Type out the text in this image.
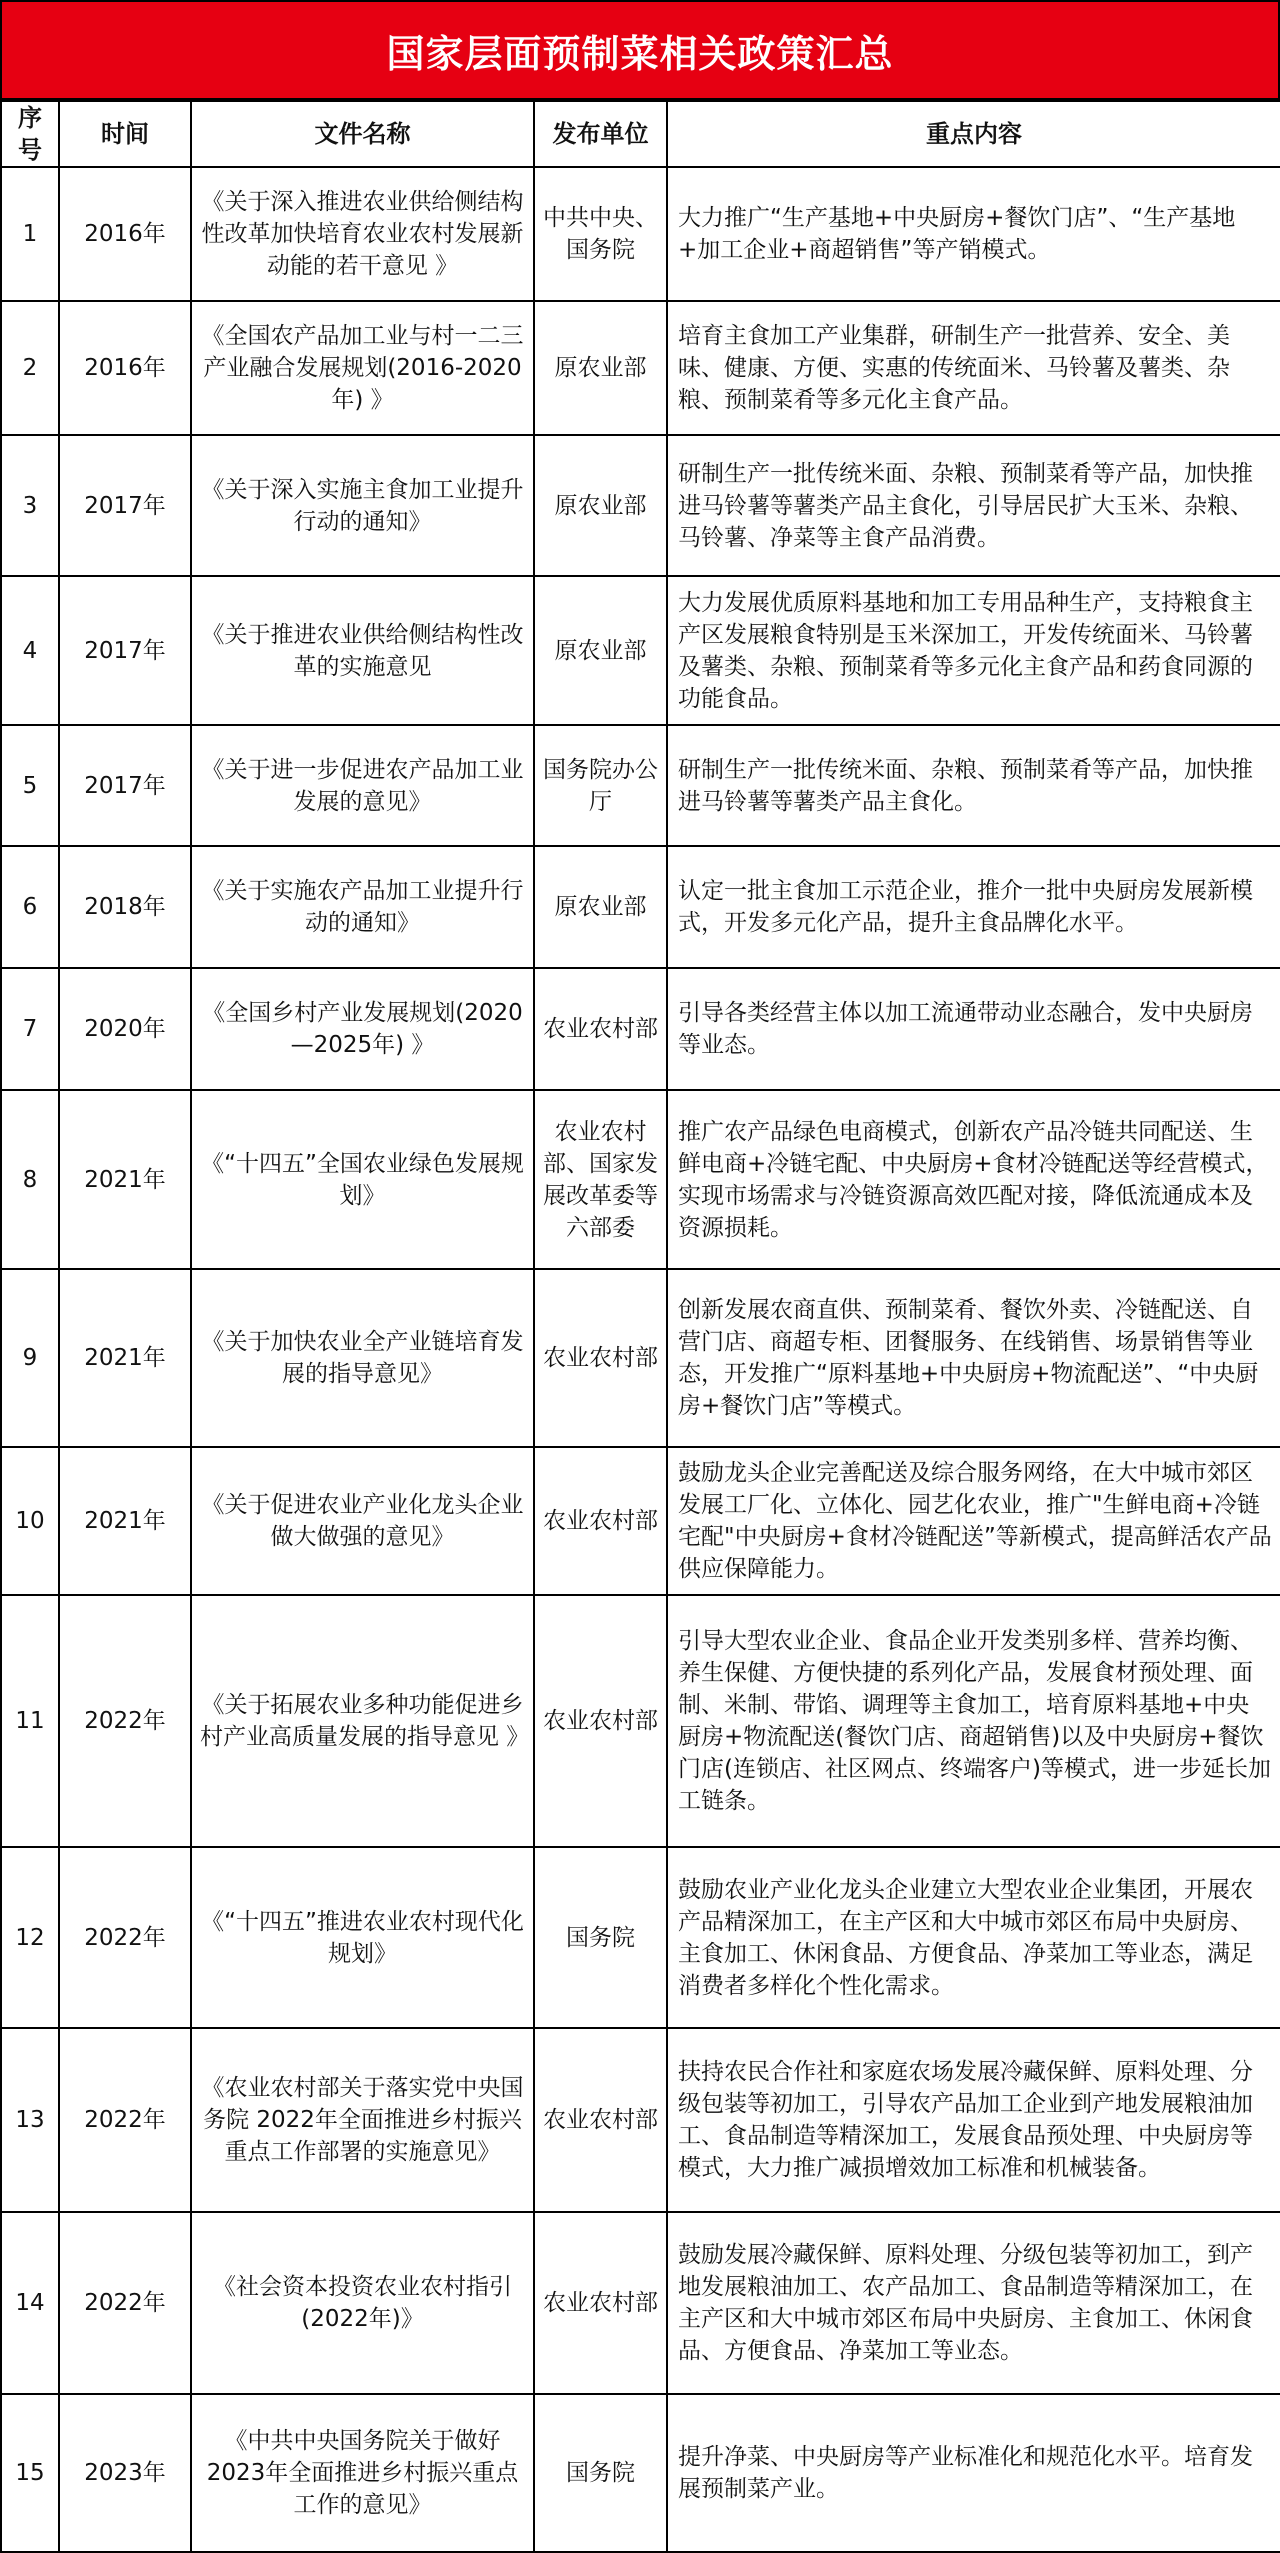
国家层面预制菜相关政策汇总
序号	时间	文件名称	发布单位	重点内容
1	2016年	《关于深入推进农业供给侧结构性改革加快培育农业农村发展新动能的若干意见 》	中共中央、国务院	大力推广“生产基地+中央厨房+餐饮门店”、“生产基地+加工企业+商超销售”等产销模式。
2	2016年	《全国农产品加工业与村一二三产业融合发展规划(2016-2020年) 》	原农业部	培育主食加工产业集群，研制生产一批营养、安全、美味、健康、方便、实惠的传统面米、马铃薯及薯类、杂粮、预制菜肴等多元化主食产品。
3	2017年	《关于深入实施主食加工业提升行动的通知》	原农业部	研制生产一批传统米面、杂粮、预制菜肴等产品，加快推进马铃薯等薯类产品主食化，引导居民扩大玉米、杂粮、马铃薯、净菜等主食产品消费。
4	2017年	《关于推进农业供给侧结构性改革的实施意见	原农业部	大力发展优质原料基地和加工专用品种生产，支持粮食主产区发展粮食特别是玉米深加工，开发传统面米、马铃薯及薯类、杂粮、预制菜肴等多元化主食产品和药食同源的功能食品。
5	2017年	《关于进一步促进农产品加工业发展的意见》	国务院办公厅	研制生产一批传统米面、杂粮、预制菜肴等产品，加快推进马铃薯等薯类产品主食化。
6	2018年	《关于实施农产品加工业提升行动的通知》	原农业部	认定一批主食加工示范企业，推介一批中央厨房发展新模式，开发多元化产品，提升主食品牌化水平。
7	2020年	《全国乡村产业发展规划(2020—2025年) 》	农业农村部	引导各类经营主体以加工流通带动业态融合，发中央厨房等业态。
8	2021年	《“十四五”全国农业绿色发展规划》	农业农村部、国家发展改革委等六部委	推广农产品绿色电商模式，创新农产品冷链共同配送、生鲜电商+冷链宅配、中央厨房+食材冷链配送等经营模式，实现市场需求与冷链资源高效匹配对接，降低流通成本及资源损耗。
9	2021年	《关于加快农业全产业链培育发展的指导意见》	农业农村部	创新发展农商直供、预制菜肴、餐饮外卖、冷链配送、自营门店、商超专柜、团餐服务、在线销售、场景销售等业态，开发推广“原料基地+中央厨房+物流配送”、“中央厨房+餐饮门店”等模式。
10	2021年	《关于促进农业产业化龙头企业做大做强的意见》	农业农村部	鼓励龙头企业完善配送及综合服务网络，在大中城市郊区发展工厂化、立体化、园艺化农业，推广"生鲜电商+冷链宅配"中央厨房+食材冷链配送”等新模式，提高鲜活农产品供应保障能力。
11	2022年	《关于拓展农业多种功能促进乡村产业高质量发展的指导意见 》	农业农村部	引导大型农业企业、食品企业开发类别多样、营养均衡、养生保健、方便快捷的系列化产品，发展食材预处理、面制、米制、带馅、调理等主食加工，培育原料基地+中央厨房+物流配送(餐饮门店、商超销售)以及中央厨房+餐饮门店(连锁店、社区网点、终端客户)等模式，进一步延长加工链条。
12	2022年	《“十四五”推进农业农村现代化规划》	国务院	鼓励农业产业化龙头企业建立大型农业企业集团，开展农产品精深加工，在主产区和大中城市郊区布局中央厨房、主食加工、休闲食品、方便食品、净菜加工等业态，满足消费者多样化个性化需求。
13	2022年	《农业农村部关于落实党中央国务院 2022年全面推进乡村振兴重点工作部署的实施意见》	农业农村部	扶持农民合作社和家庭农场发展冷藏保鲜、原料处理、分级包装等初加工，引导农产品加工企业到产地发展粮油加工、食品制造等精深加工，发展食品预处理、中央厨房等模式，大力推广减损增效加工标准和机械装备。
14	2022年	《社会资本投资农业农村指引(2022年)》	农业农村部	鼓励发展冷藏保鲜、原料处理、分级包装等初加工，到产地发展粮油加工、农产品加工、食品制造等精深加工，在主产区和大中城市郊区布局中央厨房、主食加工、休闲食品、方便食品、净菜加工等业态。
15	2023年	《中共中央国务院关于做好2023年全面推进乡村振兴重点工作的意见》	国务院	提升净菜、中央厨房等产业标准化和规范化水平。培育发展预制菜产业。
